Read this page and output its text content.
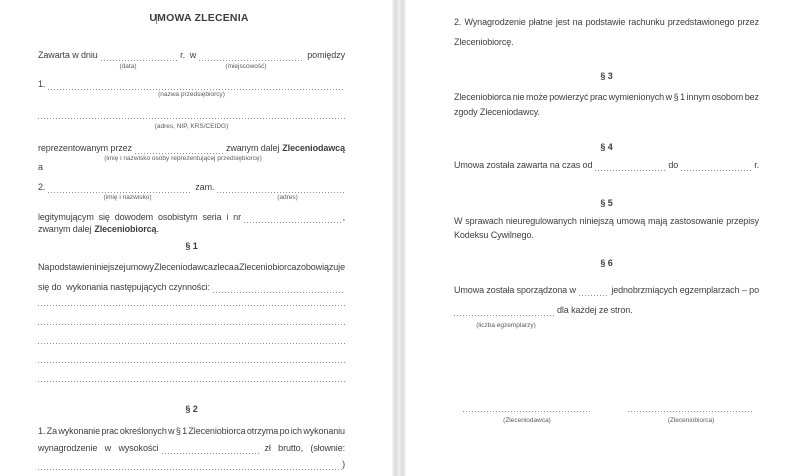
UMOWA ZLECENIA
Zawarta w dniu	r.  w	pomiędzy
(data)	(miejscowość)
1.
(nazwa przedsiębiorcy)
(adres, NIP, KRS/CEIDG)
reprezentowanym przez	zwanym dalej Zleceniodawcą
(imię i nazwisko osoby reprezentującej przedsiębiorcę)
a
2.	zam.
(imię i nazwisko)	(adres)
legitymującym się dowodem osobistym seria i nr	,
zwanym dalej Zleceniobiorcą .
§ 1
Na podstawie niniejszej umowy Zleceniodawca zleca a Zleceniobiorca zobowiązuje
się do  wykonania następujących czynności:
§ 2
1. Za wykonanie prac określonych w § 1 Zleceniobiorca otrzyma po ich wykonaniu
wynagrodzenie w wysokości	zł brutto, (słownie:
)
2. Wynagrodzenie płatne jest na podstawie rachunku przedstawionego przez
Zleceniobiorcę.
§ 3
Zleceniobiorca nie może powierzyć prac wymienionych w § 1 innym osobom bez
zgody Zleceniodawcy.
§ 4
Umowa została zawarta na czas od	do	r.
§ 5
W sprawach nieuregulowanych niniejszą umową mają zastosowanie przepisy
Kodeksu Cywilnego.
§ 6
Umowa została sporządzona w	jednobrzmiących egzemplarzach – po
dla każdej ze stron.
(liczba egzemplarzy)
(Zleceniodawca)	(Zleceniobiorca)
